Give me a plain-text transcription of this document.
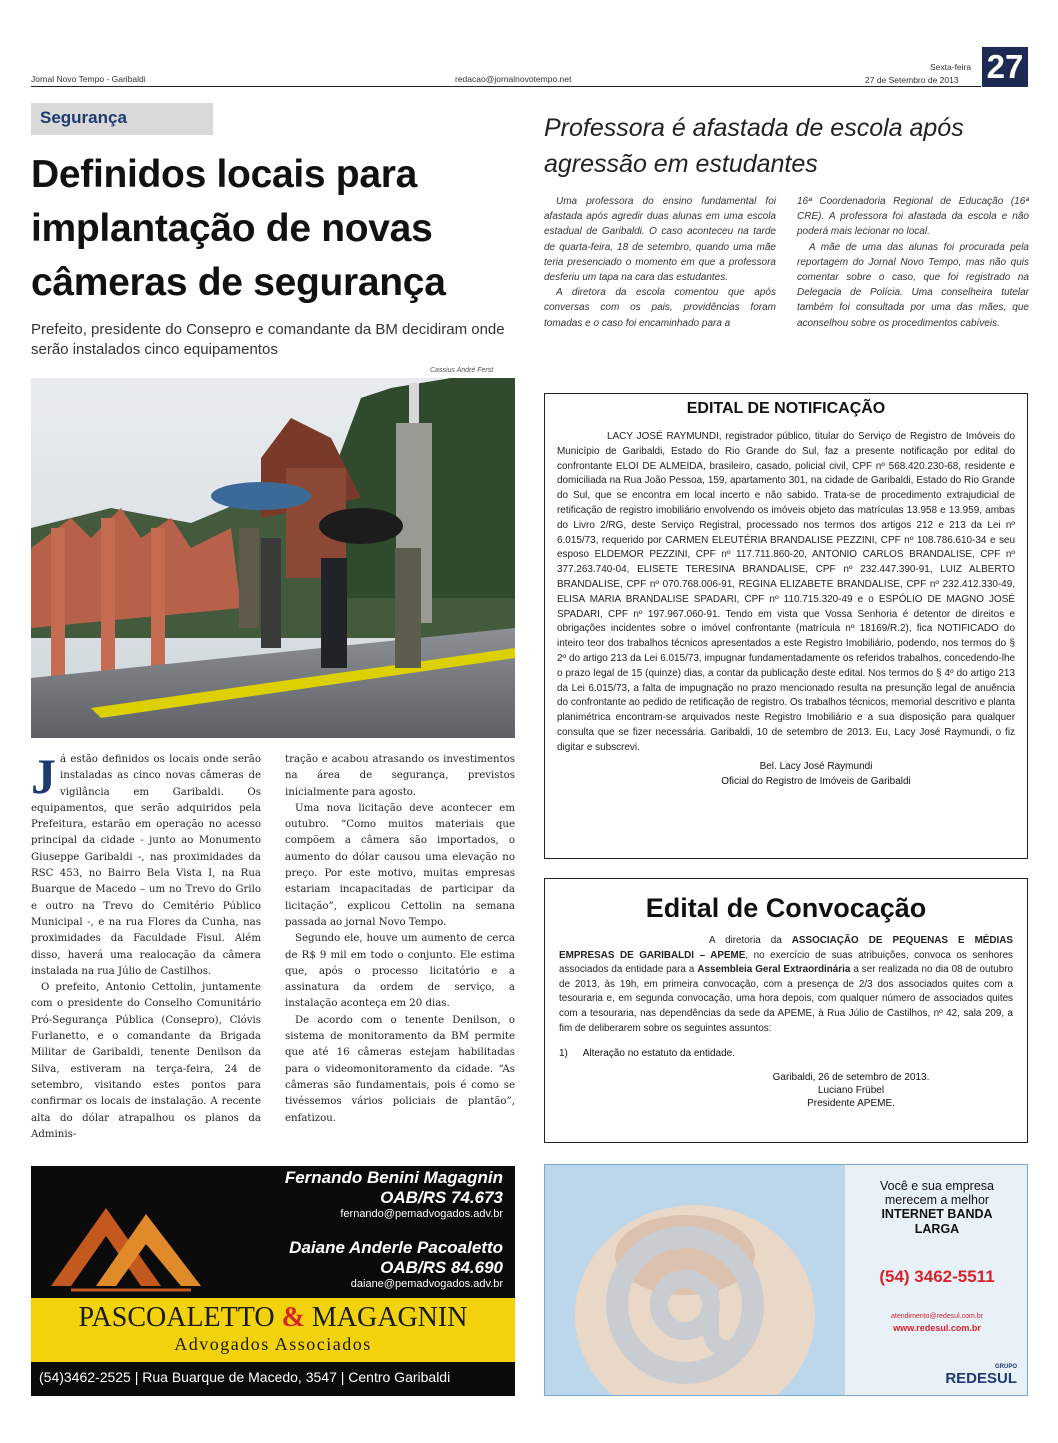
Jornal Novo Tempo - Garibaldi	redacao@jornalnovotempo.net
Sexta-feira
27 de Setembro de 2013 27
Segurança
Definidos locais para implantação de novas câmeras de segurança
Prefeito, presidente do Consepro e comandante da BM decidiram onde serão instalados cinco equipamentos
Cassius André Ferst

Já estão definidos os locais onde serão instaladas as cinco novas câmeras de vigilância em Garibaldi. Os equipamentos, que serão adquiridos pela Prefeitura, estarão em operação no acesso principal da cidade - junto ao Monumento Giuseppe Garibaldi -, nas proximidades da RSC 453, no Bairro Bela Vista I, na Rua Buarque de Macedo – um no Trevo do Grilo e outro na Trevo do Cemitério Público Municipal -, e na rua Flores da Cunha, nas proximidades da Faculdade Fisul. Além disso, haverá uma realocação da câmera instalada na rua Júlio de Castilhos.

O prefeito, Antonio Cettolin, juntamente com o presidente do Conselho Comunitário Pró-Segurança Pública (Consepro), Clóvis Furlanetto, e o comandante da Brigada Militar de Garibaldi, tenente Denilson da Silva, estiveram na terça-feira, 24 de setembro, visitando estes pontos para confirmar os locais de instalação. A recente alta do dólar atrapalhou os planos da Adminis-

tração e acabou atrasando os investimentos na área de segurança, previstos inicialmente para agosto.

Uma nova licitação deve acontecer em outubro. “Como muitos materiais que compõem a câmera são importados, o aumento do dólar causou uma elevação no preço. Por este motivo, muitas empresas estariam incapacitadas de participar da licitação”, explicou Cettolin na semana passada ao jornal Novo Tempo.

Segundo ele, houve um aumento de cerca de R$ 9 mil em todo o conjunto. Ele estima que, após o processo licitatório e a assinatura da ordem de serviço, a instalação aconteça em 20 dias.

De acordo com o tenente Denilson, o sistema de monitoramento da BM permite que até 16 câmeras estejam habilitadas para o videomonitoramento da cidade. “As câmeras são fundamentais, pois é como se tivéssemos vários policiais de plantão”, enfatizou.

Professora é afastada de escola após agressão em estudantes

Uma professora do ensino fundamental foi afastada após agredir duas alunas em uma escola estadual de Garibaldi. O caso aconteceu na tarde de quarta-feira, 18 de setembro, quando uma mãe teria presenciado o momento em que a professora desferiu um tapa na cara das estudantes.

A diretora da escola comentou que após conversas com os pais, providências foram tomadas e o caso foi encaminhado para a

16ª Coordenadoria Regional de Educação (16ª CRE). A professora foi afastada da escola e não poderá mais lecionar no local.

A mãe de uma das alunas foi procurada pela reportagem do Jornal Novo Tempo, mas não quis comentar sobre o caso, que foi registrado na Delegacia de Polícia. Uma conselheira tutelar também foi consultada por uma das mães, que aconselhou sobre os procedimentos cabíveis.

EDITAL DE NOTIFICAÇÃO
LACY JOSÉ RAYMUNDI, registrador público, titular do Serviço de Registro de Imóveis do Município de Garibaldi, Estado do Rio Grande do Sul, faz a presente notificação por edital do confrontante ELOI DE ALMEIDA, brasileiro, casado, policial civil, CPF nº 568.420.230-68, residente e domiciliada na Rua João Pessoa, 159, apartamento 301, na cidade de Garibaldi, Estado do Rio Grande do Sul, que se encontra em local incerto e não sabido. Trata-se de procedimento extrajudicial de retificação de registro imobiliário envolvendo os imóveis objeto das matrículas 13.958 e 13.959, ambas do Livro 2/RG, deste Serviço Registral, processado nos termos dos artigos 212 e 213 da Lei nº 6.015/73, requerido por CARMEN ELEUTÉRIA BRANDALISE PEZZINI, CPF nº 108.786.610-34 e seu esposo ELDEMOR PEZZINI, CPF nº 117.711.860-20, ANTONIO CARLOS BRANDALISE, CPF nº 377.263.740-04, ELISETE TERESINA BRANDALISE, CPF nº 232.447.390-91, LUIZ ALBERTO BRANDALISE, CPF nº 070.768.006-91, REGINA ELIZABETE BRANDALISE, CPF nº 232.412.330-49, ELISA MARIA BRANDALISE SPADARI, CPF nº 110.715.320-49 e o ESPÓLIO DE MAGNO JOSÉ SPADARI, CPF nº 197.967.060-91. Tendo em vista que Vossa Senhoria é detentor de direitos e obrigações incidentes sobre o imóvel confrontante (matrícula nº 18169/R.2), fica NOTIFICADO do inteiro teor dos trabalhos técnicos apresentados a este Registro Imobiliário, podendo, nos termos do § 2º do artigo 213 da Lei 6.015/73, impugnar fundamentadamente os referidos trabalhos, concedendo-lhe o prazo legal de 15 (quinze) dias, a contar da publicação deste edital. Nos termos do § 4º do artigo 213 da Lei 6.015/73, a falta de impugnação no prazo mencionado resulta na presunção legal de anuência do confrontante ao pedido de retificação de registro. Os trabalhos técnicos, memorial descritivo e planta planimétrica encontram-se arquivados neste Registro Imobiliário e a sua disposição para qualquer consulta que se fizer necessária. Garibaldi, 10 de setembro de 2013. Eu, Lacy José Raymundi, o fiz digitar e subscrevi.
Bel. Lacy José Raymundi
Oficial do Registro de Imóveis de Garibaldi
Edital de Convocação
A diretoria da ASSOCIAÇÃO DE PEQUENAS E MÉDIAS EMPRESAS DE GARIBALDI – APEME, no exercício de suas atribuições, convoca os senhores associados da entidade para a Assembleia Geral Extraordinária a ser realizada no dia 08 de outubro de 2013, às 19h, em primeira convocação, com a presença de 2/3 dos associados quites com a tesouraria e, em segunda convocação, uma hora depois, com qualquer número de associados quites com a tesouraria, nas dependências da sede da APEME, à Rua Júlio de Castilhos, nº 42, sala 209, a fim de deliberarem sobre os seguintes assuntos:
1) Alteração no estatuto da entidade.
Garibaldi, 26 de setembro de 2013.
Luciano Frübel
Presidente APEME.
Fernando Benini Magagnin
OAB/RS 74.673
fernando@pemadvogados.adv.br
Daiane Anderle Pacoaletto
OAB/RS 84.690
daiane@pemadvogados.adv.br
PASCOALETTO & MAGAGNIN
Advogados Associados
(54)3462-2525 | Rua Buarque de Macedo, 3547 | Centro Garibaldi
Você e sua empresa merecem a melhor
INTERNET BANDA LARGA
(54) 3462-5511
atendimento@redesul.com.br
www.redesul.com.br
GRUPO
REDESUL
